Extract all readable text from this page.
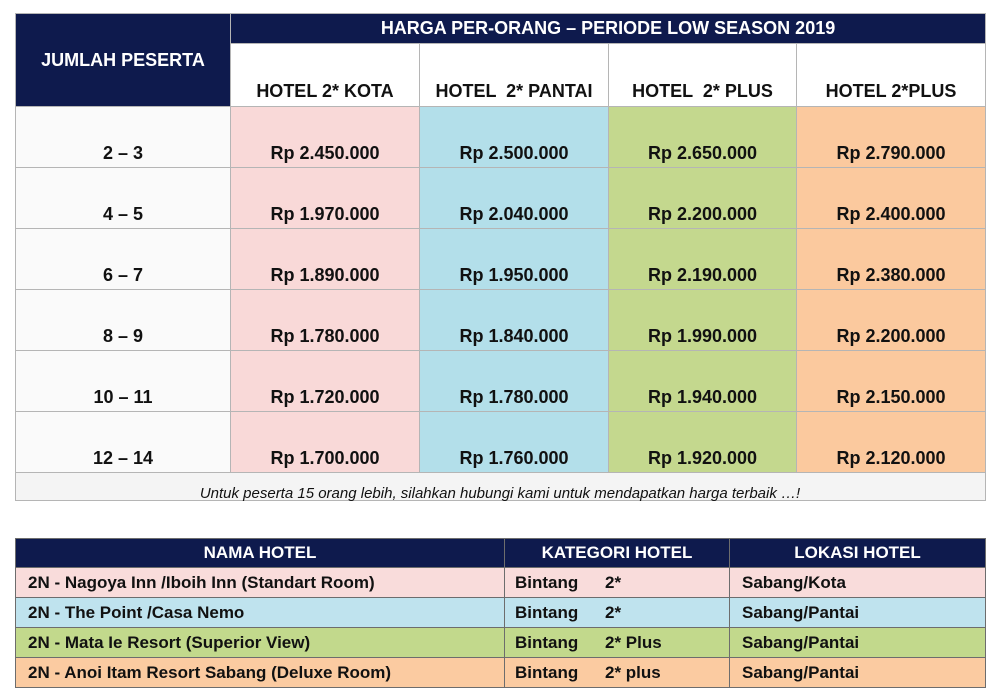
JUMLAH PESERTA	HARGA PER-ORANG – PERIODE LOW SEASON 2019			
	HOTEL 2* KOTA	HOTEL  2* PANTAI	HOTEL  2* PLUS	HOTEL 2*PLUS
2 – 3	Rp 2.450.000	Rp 2.500.000	Rp 2.650.000	Rp 2.790.000
4 – 5	Rp 1.970.000	Rp 2.040.000	Rp 2.200.000	Rp 2.400.000
6 – 7	Rp 1.890.000	Rp 1.950.000	Rp 2.190.000	Rp 2.380.000
8 – 9	Rp 1.780.000	Rp 1.840.000	Rp 1.990.000	Rp 2.200.000
10 – 11	Rp 1.720.000	Rp 1.780.000	Rp 1.940.000	Rp 2.150.000
12 – 14	Rp 1.700.000	Rp 1.760.000	Rp 1.920.000	Rp 2.120.000

Untuk peserta 15 orang lebih, silahkan hubungi kami untuk mendapatkan harga terbaik …!
NAMA HOTEL	KATEGORI HOTEL	LOKASI HOTEL
2N - Nagoya Inn /Iboih Inn (Standart Room)	Bintang 2*	Sabang/Kota
2N - The Point /Casa Nemo	Bintang 2*	Sabang/Pantai
2N - Mata Ie Resort (Superior View)	Bintang 2* Plus	Sabang/Pantai
2N - Anoi Itam Resort Sabang (Deluxe Room)	Bintang 2* plus	Sabang/Pantai
